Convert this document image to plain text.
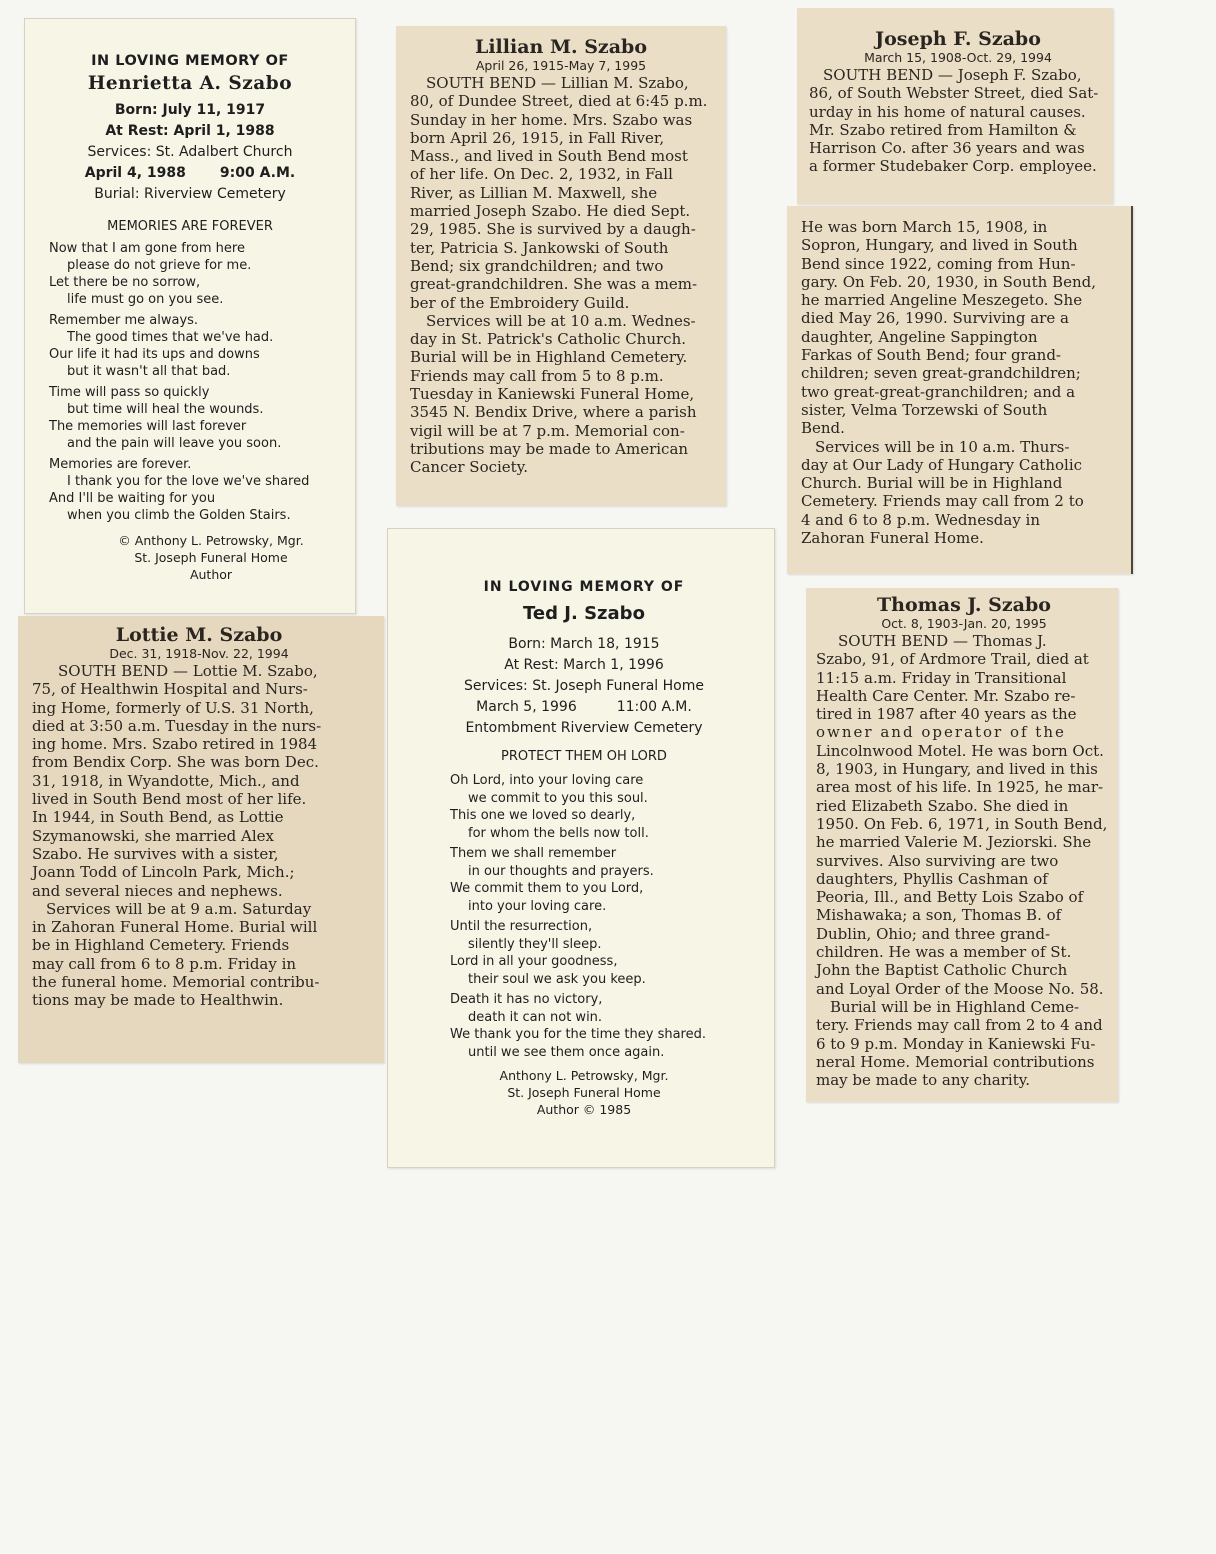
IN LOVING MEMORY OF
Henrietta A. Szabo
Born: July 11, 1917
At Rest: April 1, 1988
Services: St. Adalbert Church
April 4, 1988 9:00 A.M.
Burial: Riverview Cemetery
MEMORIES ARE FOREVER
Now that I am gone from here
please do not grieve for me.
Let there be no sorrow,
life must go on you see.
Remember me always.
The good times that we've had.
Our life it had its ups and downs
but it wasn't all that bad.
Time will pass so quickly
but time will heal the wounds.
The memories will last forever
and the pain will leave you soon.
Memories are forever.
I thank you for the love we've shared
And I'll be waiting for you
when you climb the Golden Stairs.
© Anthony L. Petrowsky, Mgr.
St. Joseph Funeral Home
Author
Lillian M. Szabo
April 26, 1915-May 7, 1995
SOUTH BEND — Lillian M. Szabo,
80, of Dundee Street, died at 6:45 p.m.
Sunday in her home. Mrs. Szabo was
born April 26, 1915, in Fall River,
Mass., and lived in South Bend most
of her life. On Dec. 2, 1932, in Fall
River, as Lillian M. Maxwell, she
married Joseph Szabo. He died Sept.
29, 1985. She is survived by a daugh-
ter, Patricia S. Jankowski of South
Bend; six grandchildren; and two
great-grandchildren. She was a mem-
ber of the Embroidery Guild.
Services will be at 10 a.m. Wednes-
day in St. Patrick's Catholic Church.
Burial will be in Highland Cemetery.
Friends may call from 5 to 8 p.m.
Tuesday in Kaniewski Funeral Home,
3545 N. Bendix Drive, where a parish
vigil will be at 7 p.m. Memorial con-
tributions may be made to American
Cancer Society.
Joseph F. Szabo
March 15, 1908-Oct. 29, 1994
SOUTH BEND — Joseph F. Szabo,
86, of South Webster Street, died Sat-
urday in his home of natural causes.
Mr. Szabo retired from Hamilton &
Harrison Co. after 36 years and was
a former Studebaker Corp. employee.
He was born March 15, 1908, in
Sopron, Hungary, and lived in South
Bend since 1922, coming from Hun-
gary. On Feb. 20, 1930, in South Bend,
he married Angeline Meszegeto. She
died May 26, 1990. Surviving are a
daughter, Angeline Sappington
Farkas of South Bend; four grand-
children; seven great-grandchildren;
two great-great-granchildren; and a
sister, Velma Torzewski of South
Bend.
Services will be in 10 a.m. Thurs-
day at Our Lady of Hungary Catholic
Church. Burial will be in Highland
Cemetery. Friends may call from 2 to
4 and 6 to 8 p.m. Wednesday in
Zahoran Funeral Home.
Lottie M. Szabo
Dec. 31, 1918-Nov. 22, 1994
SOUTH BEND — Lottie M. Szabo,
75, of Healthwin Hospital and Nurs-
ing Home, formerly of U.S. 31 North,
died at 3:50 a.m. Tuesday in the nurs-
ing home. Mrs. Szabo retired in 1984
from Bendix Corp. She was born Dec.
31, 1918, in Wyandotte, Mich., and
lived in South Bend most of her life.
In 1944, in South Bend, as Lottie
Szymanowski, she married Alex
Szabo. He survives with a sister,
Joann Todd of Lincoln Park, Mich.;
and several nieces and nephews.
Services will be at 9 a.m. Saturday
in Zahoran Funeral Home. Burial will
be in Highland Cemetery. Friends
may call from 6 to 8 p.m. Friday in
the funeral home. Memorial contribu-
tions may be made to Healthwin.
IN LOVING MEMORY OF
Ted J. Szabo
Born: March 18, 1915
At Rest: March 1, 1996
Services: St. Joseph Funeral Home
March 5, 1996	11:00 A.M.
Entombment Riverview Cemetery
PROTECT THEM OH LORD
Oh Lord, into your loving care
we commit to you this soul.
This one we loved so dearly,
for whom the bells now toll.
Them we shall remember
in our thoughts and prayers.
We commit them to you Lord,
into your loving care.
Until the resurrection,
silently they'll sleep.
Lord in all your goodness,
their soul we ask you keep.
Death it has no victory,
death it can not win.
We thank you for the time they shared.
until we see them once again.
Anthony L. Petrowsky, Mgr.
St. Joseph Funeral Home
Author © 1985
Thomas J. Szabo
Oct. 8, 1903-Jan. 20, 1995
SOUTH BEND — Thomas J.
Szabo, 91, of Ardmore Trail, died at
11:15 a.m. Friday in Transitional
Health Care Center. Mr. Szabo re-
tired in 1987 after 40 years as the
owner and operator of the
Lincolnwood Motel. He was born Oct.
8, 1903, in Hungary, and lived in this
area most of his life. In 1925, he mar-
ried Elizabeth Szabo. She died in
1950. On Feb. 6, 1971, in South Bend,
he married Valerie M. Jeziorski. She
survives. Also surviving are two
daughters, Phyllis Cashman of
Peoria, Ill., and Betty Lois Szabo of
Mishawaka; a son, Thomas B. of
Dublin, Ohio; and three grand-
children. He was a member of St.
John the Baptist Catholic Church
and Loyal Order of the Moose No. 58.
Burial will be in Highland Ceme-
tery. Friends may call from 2 to 4 and
6 to 9 p.m. Monday in Kaniewski Fu-
neral Home. Memorial contributions
may be made to any charity.
